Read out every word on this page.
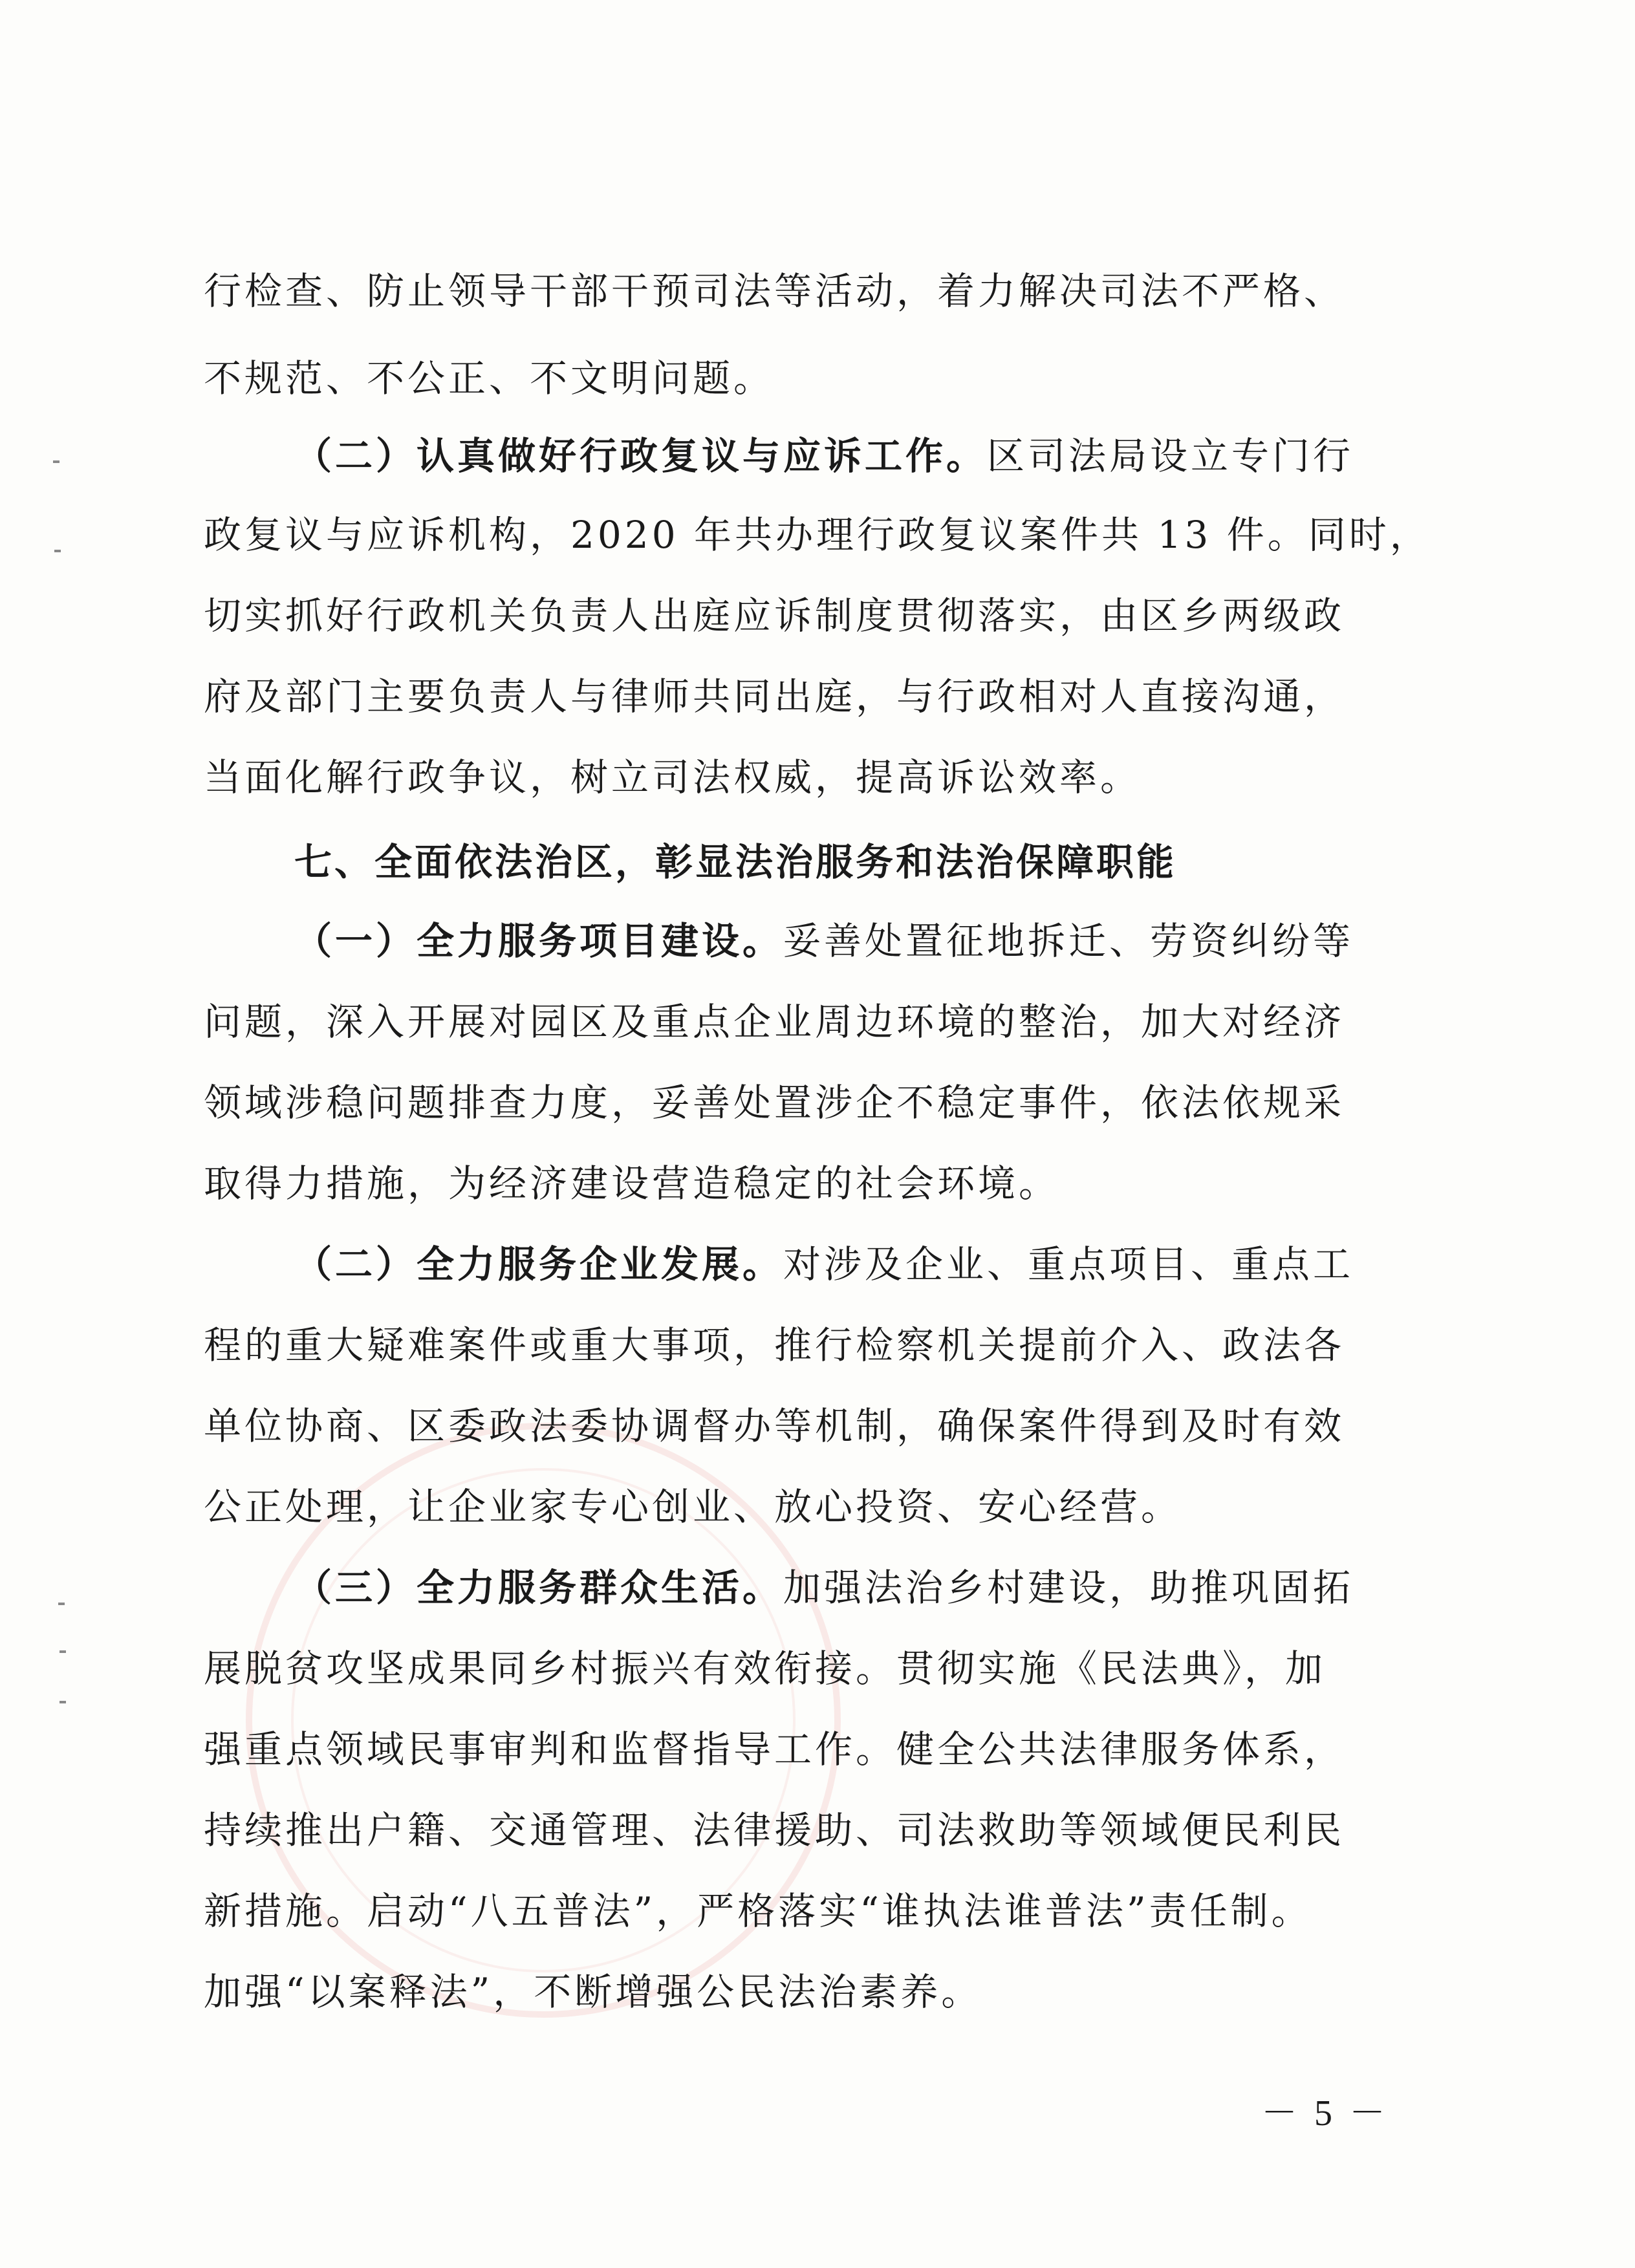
行检查、防止领导干部干预司法等活动，着力解决司法不严格、
不规范、不公正、不文明问题。
（二）认真做好行政复议与应诉工作。区司法局设立专门行
政复议与应诉机构，2020 年共办理行政复议案件共 13 件。同时，
切实抓好行政机关负责人出庭应诉制度贯彻落实，由区乡两级政
府及部门主要负责人与律师共同出庭，与行政相对人直接沟通，
当面化解行政争议，树立司法权威，提高诉讼效率。
七、全面依法治区，彰显法治服务和法治保障职能
（一）全力服务项目建设。妥善处置征地拆迁、劳资纠纷等
问题，深入开展对园区及重点企业周边环境的整治，加大对经济
领域涉稳问题排查力度，妥善处置涉企不稳定事件，依法依规采
取得力措施，为经济建设营造稳定的社会环境。
（二）全力服务企业发展。对涉及企业、重点项目、重点工
程的重大疑难案件或重大事项，推行检察机关提前介入、政法各
单位协商、区委政法委协调督办等机制，确保案件得到及时有效
公正处理，让企业家专心创业、放心投资、安心经营。
（三）全力服务群众生活。加强法治乡村建设，助推巩固拓
展脱贫攻坚成果同乡村振兴有效衔接。贯彻实施《民法典》，加
强重点领域民事审判和监督指导工作。健全公共法律服务体系，
持续推出户籍、交通管理、法律援助、司法救助等领域便民利民
新措施。启动“八五普法”，严格落实“谁执法谁普法”责任制。
加强“以案释法”，不断增强公民法治素养。
－ 5 －
